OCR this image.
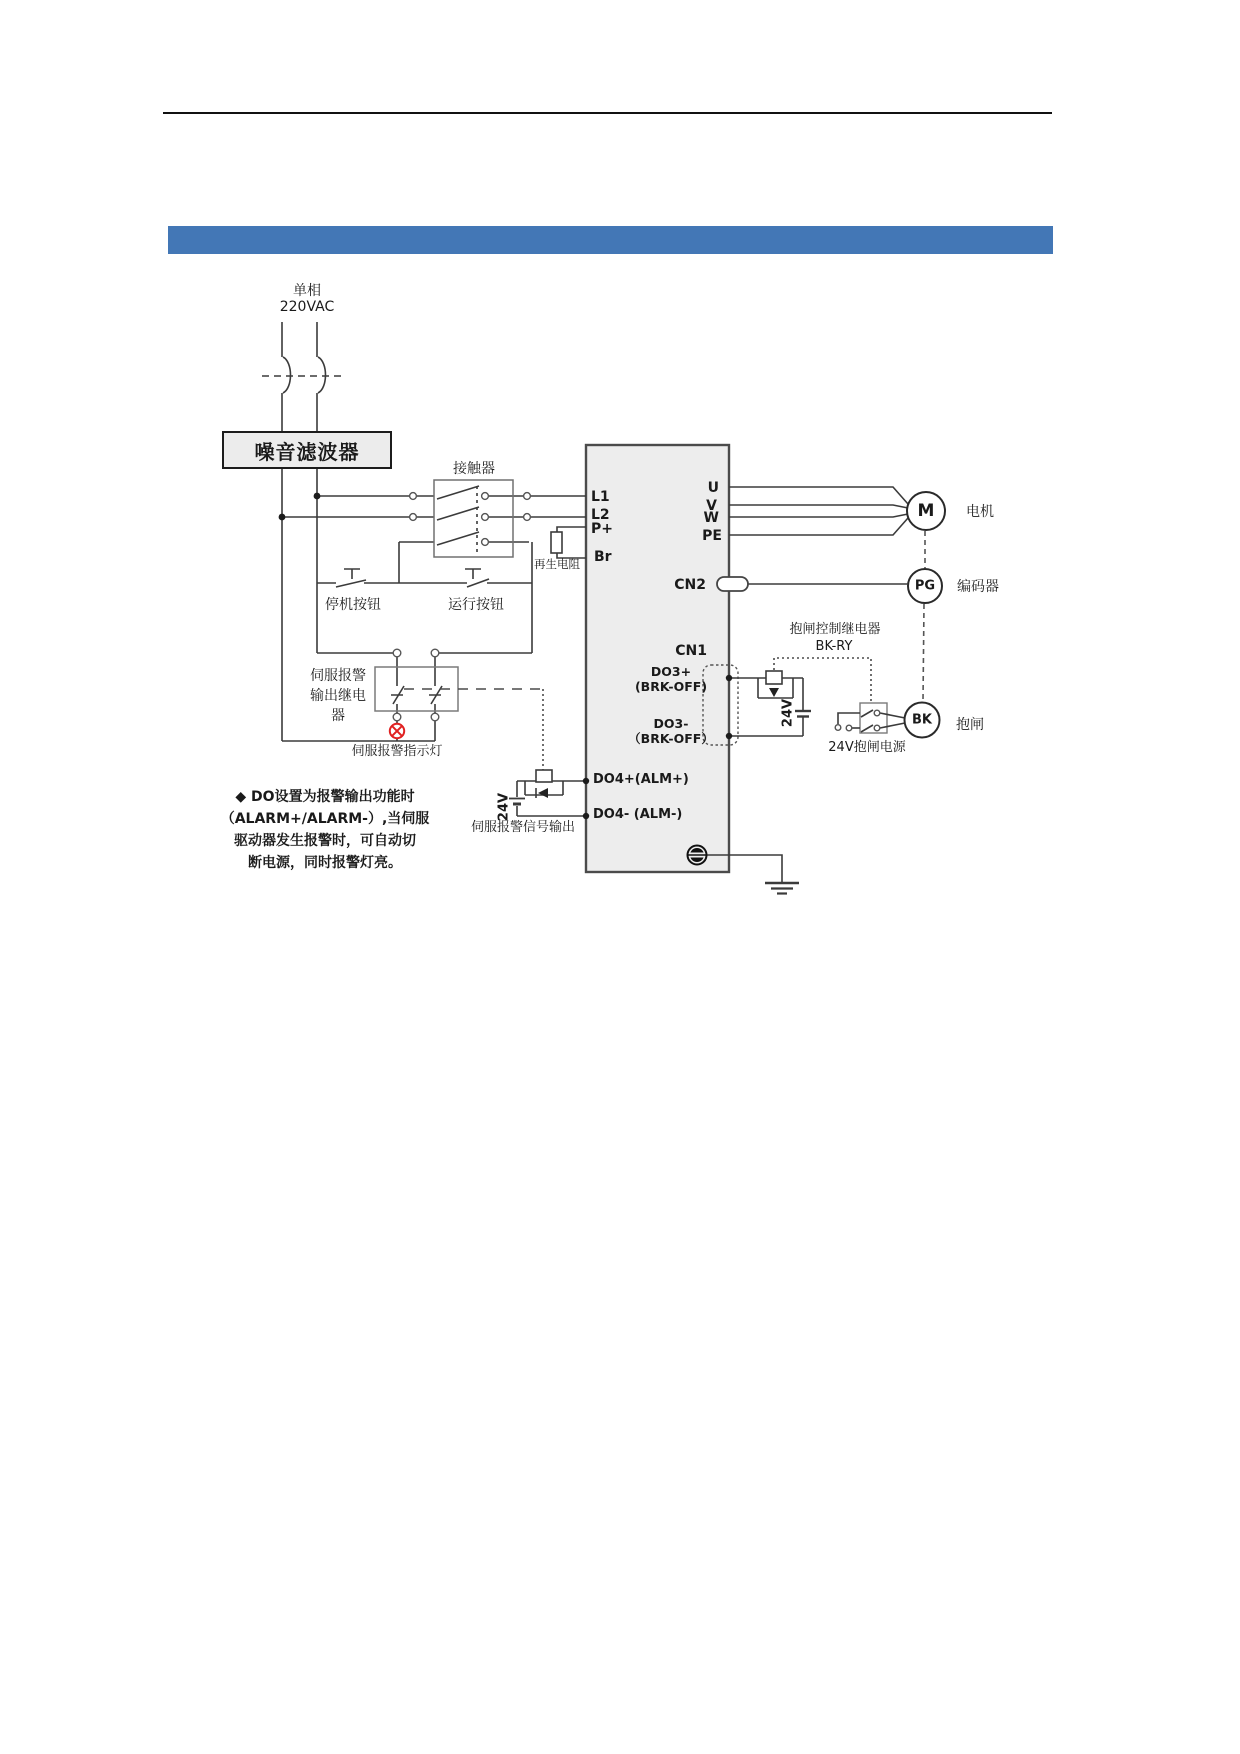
单相
220VAC
噪音滤波器
接触器
再生电阻
停机按钮	运行按钮
伺服报警
输出继电
器
伺服报警指示灯
伺服报警信号输出
L1
L2
P+
Br
U
V
W
PE
CN2
CN1
DO3+
(BRK-OFF)
DO3-
（BRK-OFF）
DO4+(ALM+)
DO4- (ALM-)
24V
24V
M
PG
BK
电机
编码器
抱闸
抱闸控制继电器
BK-RY
24V抱闸电源
◆ DO设置为报警输出功能时
（ALARM+/ALARM-）,当伺服
驱动器发生报警时，可自动切
断电源，同时报警灯亮。
